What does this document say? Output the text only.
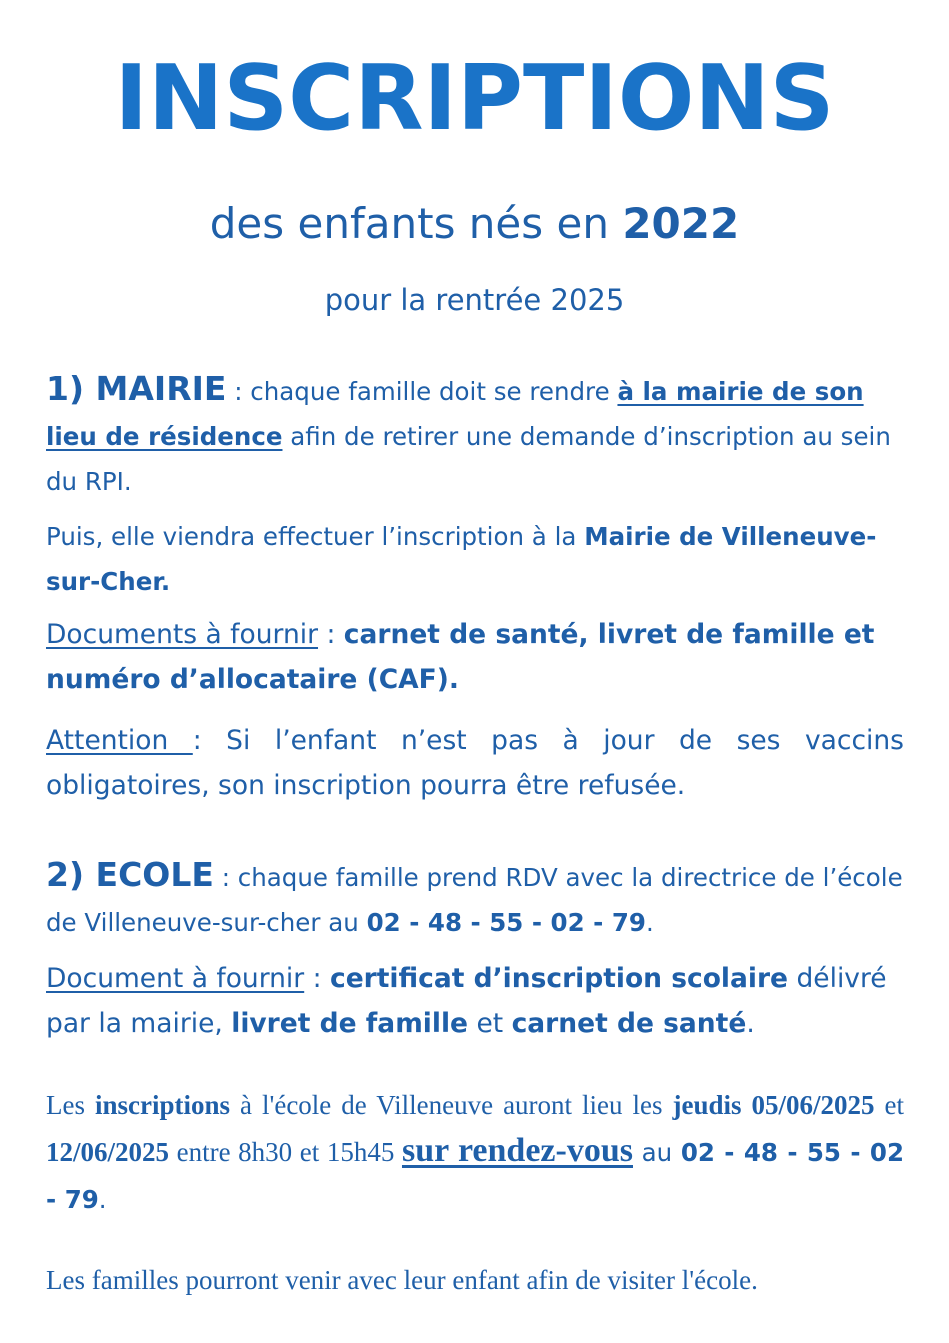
INSCRIPTIONS
des enfants nés en 2022
pour la rentrée 2025
1) MAIRIE : chaque famille doit se rendre à la mairie de son lieu de résidence afin de retirer une demande d’inscription au sein du RPI.
Puis, elle viendra effectuer l’inscription à la Mairie de Villeneuve-sur-Cher.
Documents à fournir : carnet de santé, livret de famille et numéro d’allocataire (CAF).
Attention : Si l’enfant n’est pas à jour de ses vaccins obligatoires, son inscription pourra être refusée.
2) ECOLE : chaque famille prend RDV avec la directrice de l’école de Villeneuve-sur-cher au 02 - 48 - 55 - 02 - 79.
Document à fournir : certificat d’inscription scolaire délivré par la mairie, livret de famille et carnet de santé.
Les inscriptions à l'école de Villeneuve auront lieu les jeudis 05/06/2025 et 12/06/2025 entre 8h30 et 15h45 sur rendez-vous au 02 - 48 - 55 - 02 - 79.
Les familles pourront venir avec leur enfant afin de visiter l'école.
